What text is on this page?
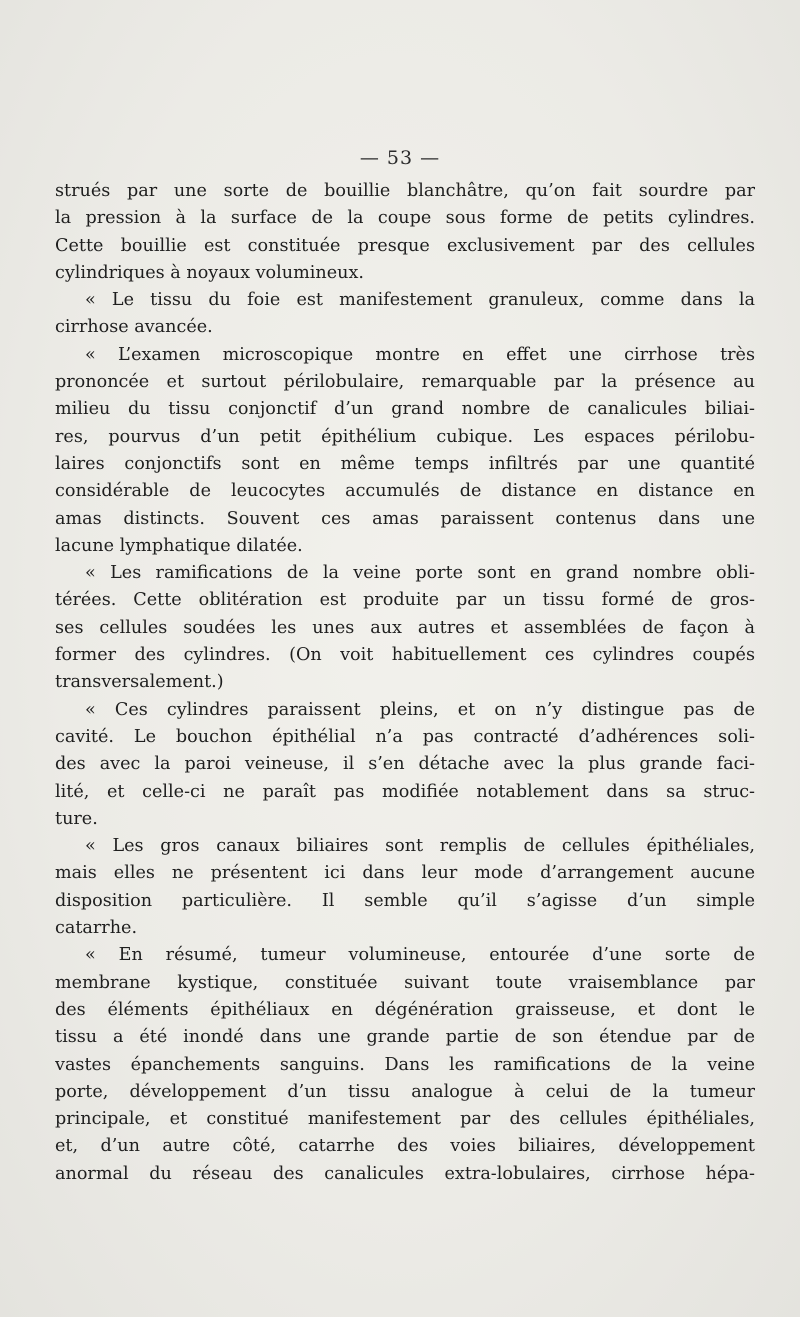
— 53 —
strués par une sorte de bouillie blanchâtre, qu’on fait sourdre par
la pression à la surface de la coupe sous forme de petits cylindres.
Cette bouillie est constituée presque exclusivement par des cellules
cylindriques à noyaux volumineux.
« Le tissu du foie est manifestement granuleux, comme dans la
cirrhose avancée.
« L’examen microscopique montre en effet une cirrhose très
prononcée et surtout périlobulaire, remarquable par la présence au
milieu du tissu conjonctif d’un grand nombre de canalicules biliai-
res, pourvus d’un petit épithélium cubique. Les espaces périlobu-
laires conjonctifs sont en même temps infiltrés par une quantité
considérable de leucocytes accumulés de distance en distance en
amas distincts. Souvent ces amas paraissent contenus dans une
lacune lymphatique dilatée.
« Les ramifications de la veine porte sont en grand nombre obli-
térées. Cette oblitération est produite par un tissu formé de gros-
ses cellules soudées les unes aux autres et assemblées de façon à
former des cylindres. (On voit habituellement ces cylindres coupés
transversalement.)
« Ces cylindres paraissent pleins, et on n’y distingue pas de
cavité. Le bouchon épithélial n’a pas contracté d’adhérences soli-
des avec la paroi veineuse, il s’en détache avec la plus grande faci-
lité, et celle-ci ne paraît pas modifiée notablement dans sa struc-
ture.
« Les gros canaux biliaires sont remplis de cellules épithéliales,
mais elles ne présentent ici dans leur mode d’arrangement aucune
disposition particulière. Il semble qu’il s’agisse d’un simple
catarrhe.
« En résumé, tumeur volumineuse, entourée d’une sorte de
membrane kystique, constituée suivant toute vraisemblance par
des éléments épithéliaux en dégénération graisseuse, et dont le
tissu a été inondé dans une grande partie de son étendue par de
vastes épanchements sanguins. Dans les ramifications de la veine
porte, développement d’un tissu analogue à celui de la tumeur
principale, et constitué manifestement par des cellules épithéliales,
et, d’un autre côté, catarrhe des voies biliaires, développement
anormal du réseau des canalicules extra-lobulaires, cirrhose hépa-
